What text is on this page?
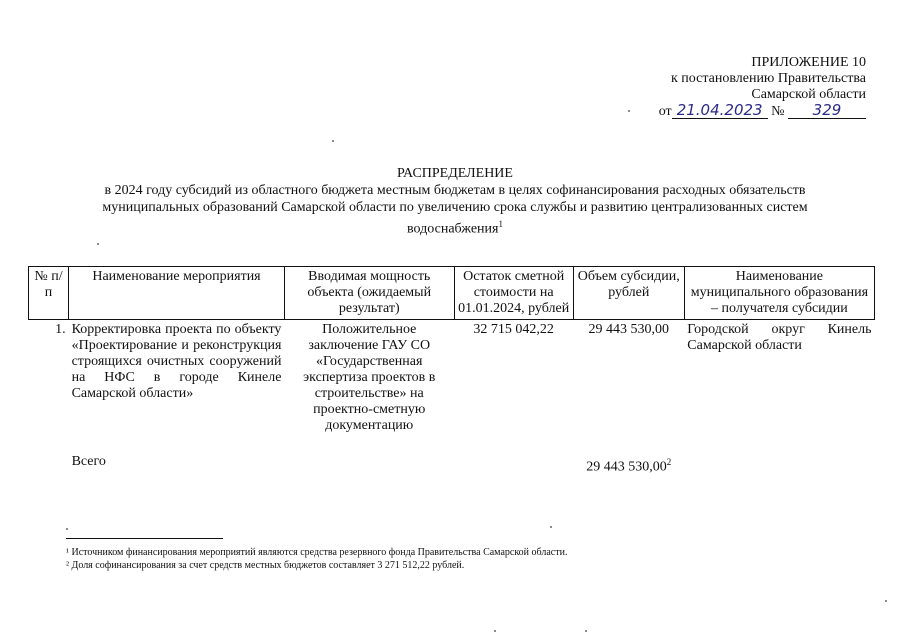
ПРИЛОЖЕНИЕ 10
к постановлению Правительства
Самарской области
от 21.04.2023 № 329
РАСПРЕДЕЛЕНИЕ
в 2024 году субсидий из областного бюджета местным бюджетам в целях софинансирования расходных обязательств муниципальных образований Самарской области по увеличению срока службы и развитию централизованных систем водоснабжения$^1$
№ п/п	Наименование мероприятия	Вводимая мощность объекта (ожидаемый результат)	Остаток сметной стоимости на 01.01.2024, рублей	Объем субсидии, рублей	Наименование муниципального образования – получателя субсидии
1.	Корректировка проекта по объекту «Проектирование и реконструкция строящихся очистных сооружений на НФС в городе Кинеле Самарской области»	Положительное заключение ГАУ СО «Государственная экспертиза проектов в строительстве» на проектно-сметную документацию	32 715 042,22	29 443 530,00	Городской округ Кинель Самарской области
	Всего			29 443 530,00$^2$	
¹ Источником финансирования мероприятий являются средства резервного фонда Правительства Самарской области.
² Доля софинансирования за счет средств местных бюджетов составляет 3 271 512,22 рублей.
